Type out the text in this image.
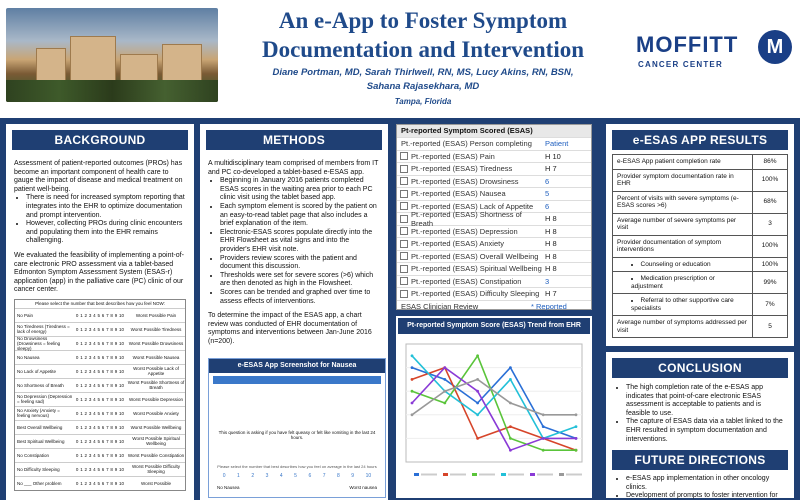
An e-App to Foster Symptom
Documentation and Intervention
Diane Portman, MD, Sarah Thirlwell, RN, MS, Lucy Akins, RN, BSN,
Sahana Rajasekhara, MD
Tampa, Florida
MOFFITT
CANCER CENTER
M
BACKGROUND
Assessment of patient-reported outcomes (PROs) has become an important component of health care to gauge the impact of disease and medical treatment on patient well-being.
• There is need for increased symptom reporting that integrates into the EHR to optimize documentation and prompt intervention.
• However, collecting PROs during clinic encounters and populating them into the EHR remains challenging.
We evaluated the feasibility of implementing a point-of-care electronic PRO assessment via a tablet-based Edmonton Symptom Assessment System (ESAS-r) application (app) in the palliative care (PC) clinic of our cancer center.
Please select the number that best describes how you feel NOW:
No Pain	0 1 2 3 4 5 6 7 8 9 10	Worst Possible Pain
No Tiredness (Tiredness = lack of energy)	0 1 2 3 4 5 6 7 8 9 10	Worst Possible Tiredness
No Drowsiness (Drowsiness = feeling sleepy)
0 1 2 3 4 5 6 7 8 9 10	Worst Possible Drowsiness
No Nausea	0 1 2 3 4 5 6 7 8 9 10	Worst Possible Nausea
No Lack of Appetite	0 1 2 3 4 5 6 7 8 9 10	Worst Possible Lack of Appetite
No Shortness of Breath	0 1 2 3 4 5 6 7 8 9 10 Worst Possible Shortness of Breath
No Depression (Depression = feeling sad)	0 1 2 3 4 5 6 7 8 9 10	Worst Possible Depression
No Anxiety (Anxiety = feeling nervous)	0 1 2 3 4 5 6 7 8 9 10	Worst Possible Anxiety
Best Overall Wellbeing	0 1 2 3 4 5 6 7 8 9 10	Worst Possible Wellbeing
Best Spiritual Wellbeing	0 1 2 3 4 5 6 7 8 9 10	Worst Possible Spiritual Wellbeing
No Constipation	0 1 2 3 4 5 6 7 8 9 10 Worst Possible Constipation
No Difficulty Sleeping	0 1 2 3 4 5 6 7 8 9 10	Worst Possible Difficulty Sleeping
No ___ Other problem	0 1 2 3 4 5 6 7 8 9 10	Worst Possible
METHODS
A multidisciplinary team comprised of members from IT and PC co-developed a tablet-based e-ESAS app.
• Beginning in January 2016 patients completed ESAS scores in the waiting area prior to each PC clinic visit using the tablet based app.
• Each symptom element is scored by the patient on an easy-to-read tablet page that also includes a brief explanation of the item.
• Electronic-ESAS scores populate directly into the EHR Flowsheet as vital signs and into the provider's EHR visit note.
• Providers review scores with the patient and document this discussion.
• Thresholds were set for severe scores (>6) which are then denoted as high in the Flowsheet.
• Scores can be trended and graphed over time to assess effects of interventions.
To determine the impact of the ESAS app, a chart review was conducted of EHR documentation of symptoms and interventions between Jan-June 2016 (n=200).
e-ESAS App Screenshot for Nausea
This question is asking if you have felt queasy or felt like vomiting in the last 24 hours.
Please select the number that best describes how you feel on average in the last 24 hours
0 1 2 3 4 5 6 7 8 9 10
No Nausea	Worst nausea
Pt-reported Symptom Scored (ESAS)
Pt.-reported (ESAS) Person completing	Patient
Pt.-reported (ESAS) Pain	H 10
Pt.-reported (ESAS) Tiredness	H 7
Pt.-reported (ESAS) Drowsiness	6
Pt.-reported (ESAS) Nausea	5
Pt.-reported (ESAS) Lack of Appetite	6
Pt.-reported (ESAS) Shortness of Breath	H 8
Pt.-reported (ESAS) Depression	H 8
Pt.-reported (ESAS) Anxiety	H 8
Pt.-reported (ESAS) Overall Wellbeing H 8
Pt.-reported (ESAS) Spiritual Wellbeing H 8
Pt.-reported (ESAS) Constipation	3
Pt.-reported (ESAS) Difficulty Sleeping H 7
ESAS Clinician Review	* Reported
Pt-reported Symptom Score (ESAS) Trend from EHR
e-ESAS APP RESULTS
e-ESAS App patient completion rate	86%
Provider symptom documentation rate in EHR
100%
Percent of visits with severe symptoms (e-ESAS scores >6)
68%
Average number of severe symptoms per visit
3
Provider documentation of symptom interventions
100%
• Counseling or education	100%
• Medication prescription or adjustment
99%
• Referral to other supportive care specialists
7%
Average number of symptoms addressed per visit
5
CONCLUSION
• The high completion rate of the e-ESAS app indicates that point-of-care electronic ESAS assessment is acceptable to patients and is feasible to use.
• The capture of ESAS data via a tablet linked to the EHR resulted in symptom documentation and interventions.
FUTURE DIRECTIONS
• e-ESAS app implementation in other oncology clinics.
• Development of prompts to foster intervention for
